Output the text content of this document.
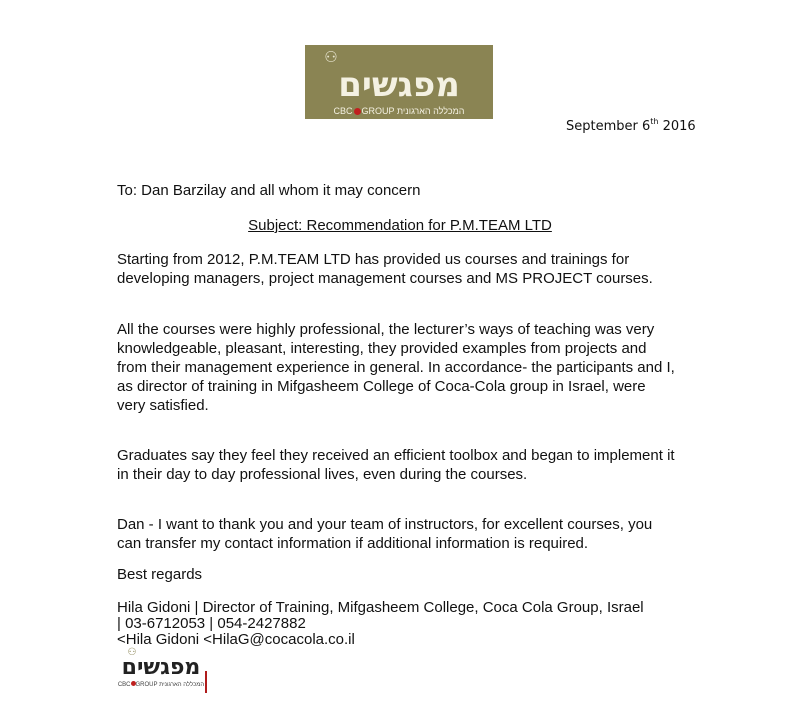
⚇
מפגשים
CBC GROUP המכללה הארגונית
September 6th 2016

To: Dan Barzilay and all whom it may concern

Subject: Recommendation for P.M.TEAM LTD

Starting from 2012, P.M.TEAM LTD has provided us courses and trainings for developing managers, project management courses and MS PROJECT courses.

All the courses were highly professional, the lecturer’s ways of teaching was very knowledgeable, pleasant, interesting, they provided examples from projects and from their management experience in general. In accordance- the participants and I, as director of training in Mifgasheem College of Coca-Cola group in Israel, were very satisfied.

Graduates say they feel they received an efficient toolbox and began to implement it in their day to day professional lives, even during the courses.

Dan - I want to thank you and your team of instructors, for excellent courses, you can transfer my contact information if additional information is required.

Best regards

Hila Gidoni | Director of Training, Mifgasheem College, Coca Cola Group, Israel

| 03-6712053 | 054-2427882

<Hila Gidoni <HilaG@cocacola.co.il

⚇
מפגשים
CBC GROUP המכללה הארגונית
